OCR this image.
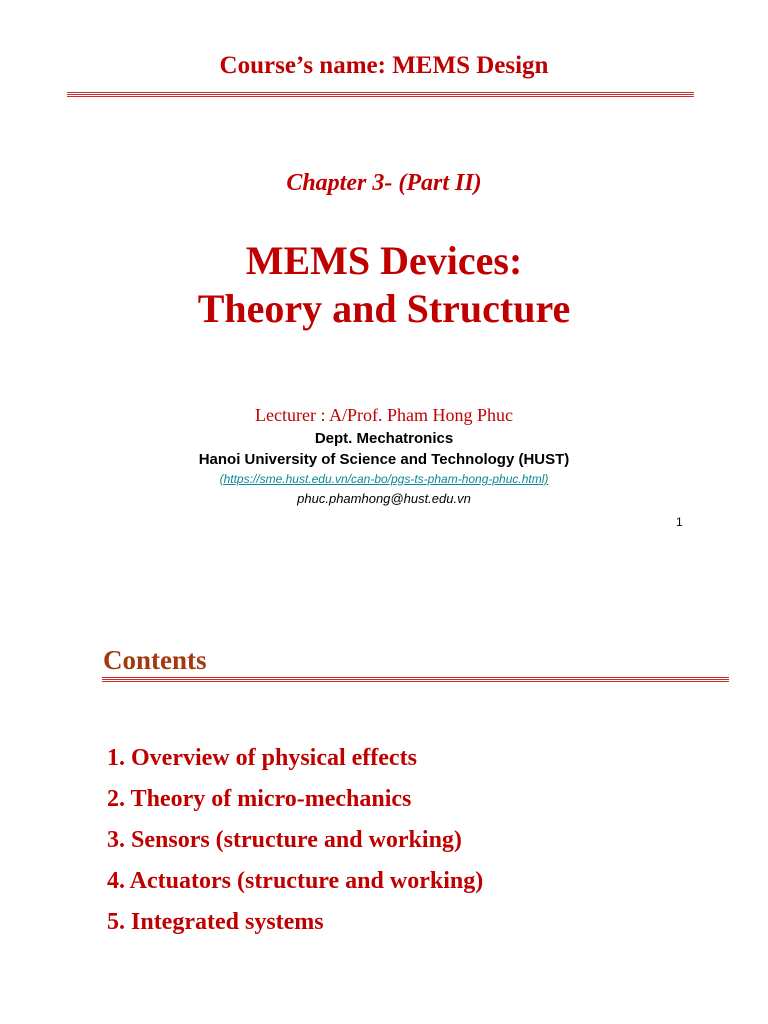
Course’s name: MEMS Design
Chapter 3- (Part II)
MEMS Devices:
Theory and Structure
Lecturer : A/Prof. Pham Hong Phuc
Dept. Mechatronics
Hanoi University of Science and Technology (HUST)
(https://sme.hust.edu.vn/can-bo/pgs-ts-pham-hong-phuc.html)
phuc.phamhong@hust.edu.vn
1
Contents
1. Overview of physical effects
2. Theory of micro-mechanics
3. Sensors (structure and working)
4. Actuators (structure and working)
5. Integrated systems
